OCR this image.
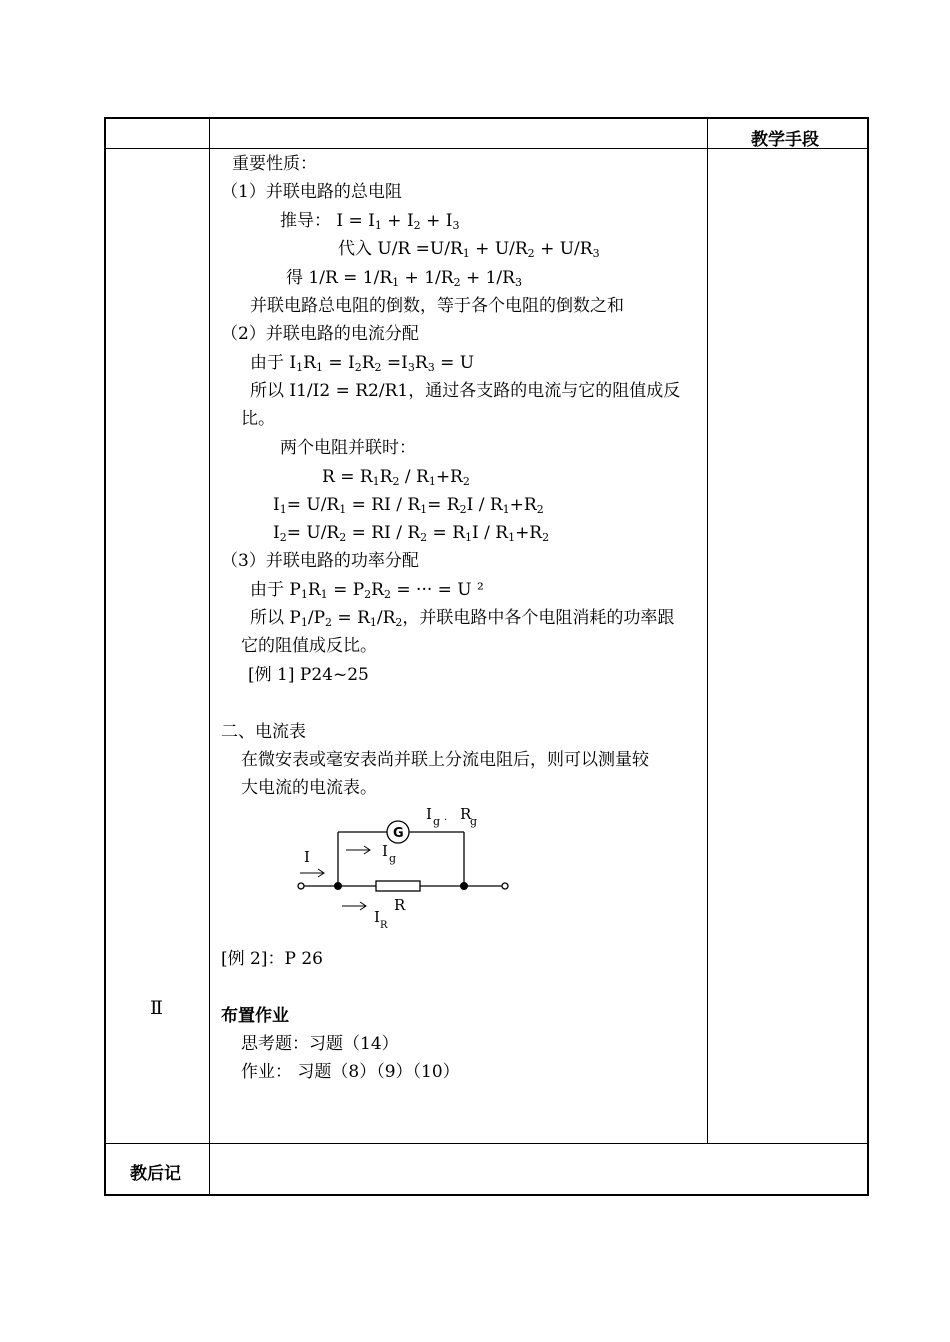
教学手段
Ⅱ
教后记
重要性质：
（1）并联电路的总电阻
推导： $I = I_1 + I_2 + I_3$
代入 $U/R =U/R_1 + U/R_2 + U/R_3$
得 $1/R = 1/R_1 + 1/R_2 + 1/R_3$
并联电路总电阻的倒数，等于各个电阻的倒数之和
（2）并联电路的电流分配
由于 $I_1R_1 = I_2R_2 =I_3R_3 = U$
所以 I1/I2 = R2/R1，通过各支路的电流与它的阻值成反
比。
两个电阻并联时：
$R = R_1R_2 / R_1+R_2$
$I_1= U/R_1$ = RI / $R_1= R_2I / R_1+R_2$
$I_2= U/R_2$ = RI / $R_2 = R_1I / R_1+R_2$
（3）并联电路的功率分配
由于 $P_1R_1 = P_2R_2$ = ··· = U ²
所以 $P_1/P_2 = R_1/R_2$，并联电路中各个电阻消耗的功率跟
它的阻值成反比。
[例 1] P24~25
二、电流表
在微安表或毫安表尚并联上分流电阻后，则可以测量较
大电流的电流表。
G
I	I g
I g . R
g
R
I R
[例 2]：P 26
布置作业
思考题：习题（14）
作业： 习题（8）（9）（10）
